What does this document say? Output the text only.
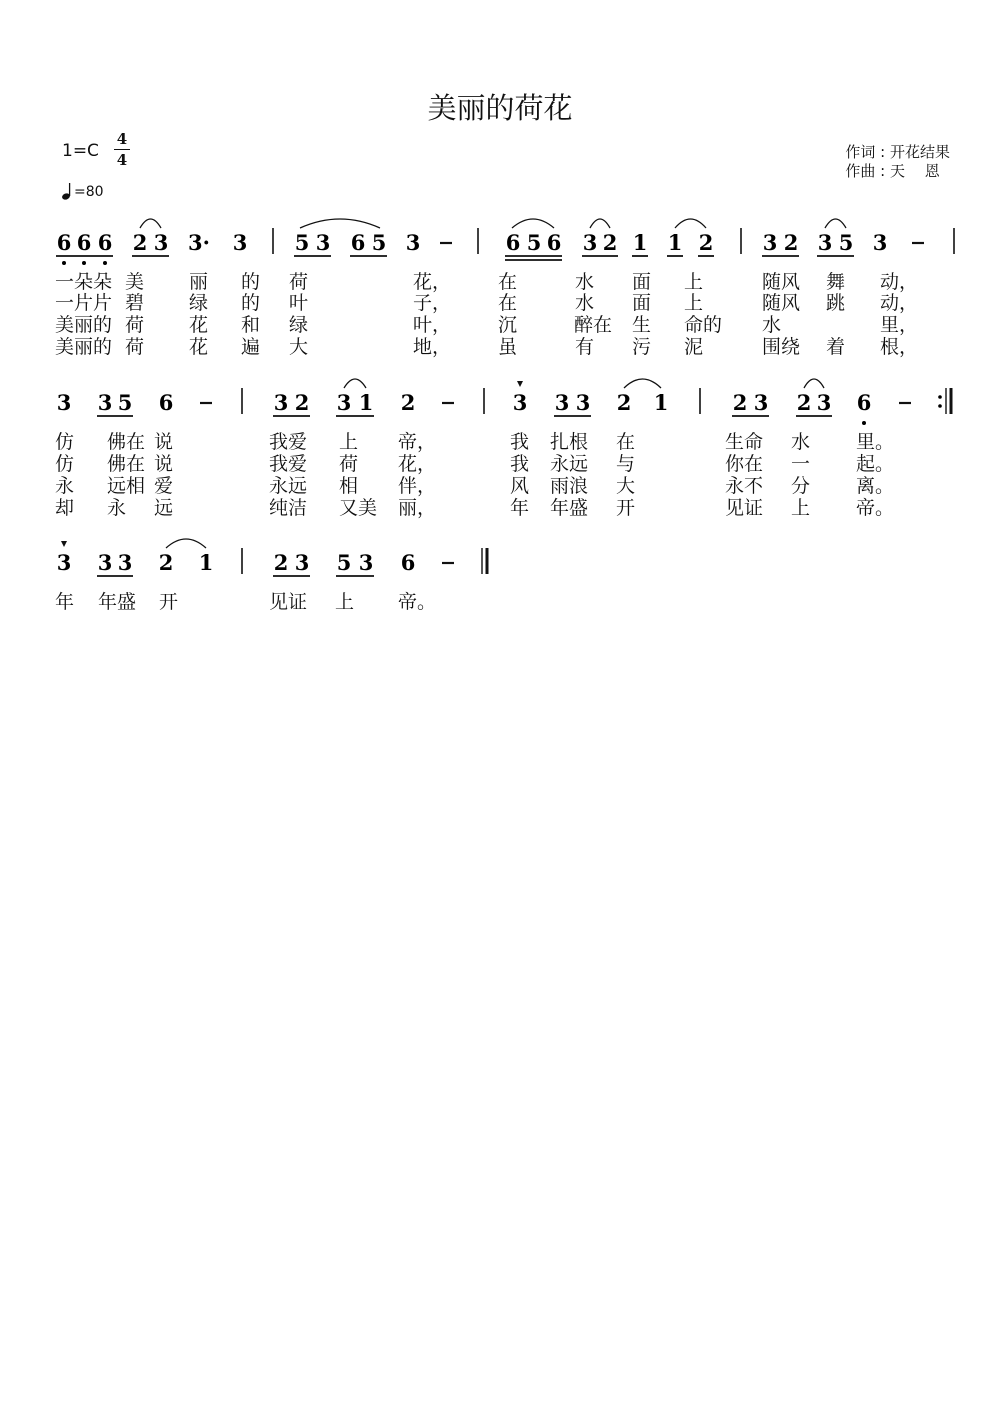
美丽的荷花
1=C
4
4
=80
作词 : 开花结果
作曲 : 天　 恩
6 6 6 2 3 3· 3 5 3 6 5 3	6 5 6 3 2 1 1 2 3 2 3 5 3
一朵朵 美 丽 的 荷	花， 在	水 面 上	随风 舞 动，
一片片 碧 绿 的 叶	子， 在	水 面 上	随风 跳 动，
美丽的 荷 花 和 绿	叶， 沉	醉在 生 命的 水	里，
美丽的 荷 花 遍 大	地， 虽	有 污 泥	围绕 着 根，
3 3 5 6	3 2 3 1 2	3 3 3 2 1	2 3 2 3 6
仿 佛在 说	我爱 上 帝，	我 扎根 在	生命 水 里。
仿 佛在 说	我爱 荷 花，	我 永远 与	你在 一 起。
永 远相 爱	永远 相 伴，	风 雨浪 大	永不 分 离。
却 永 远	纯洁 又美 丽，	年 年盛 开	见证 上 帝。
3 3 3 2 1	2 3 5 3 6
年 年盛 开	见证 上 帝。
